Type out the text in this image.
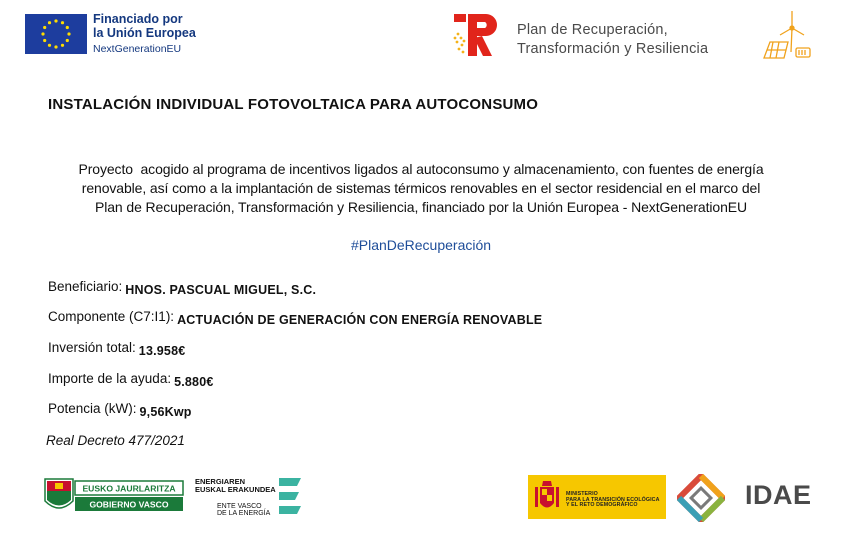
Financiado por
la Unión Europea
NextGenerationEU
Plan de Recuperación,
Transformación y Resiliencia
INSTALACIÓN INDIVIDUAL FOTOVOLTAICA PARA AUTOCONSUMO
Proyecto  acogido al programa de incentivos ligados al autoconsumo y almacenamiento, con fuentes de energía
renovable, así como a la implantación de sistemas térmicos renovables en el sector residencial en el marco del
Plan de Recuperación, Transformación y Resiliencia, financiado por la Unión Europea - NextGenerationEU
#PlanDeRecuperación
Beneficiario: HNOS. PASCUAL MIGUEL, S.C.
Componente (C7:I1): ACTUACIÓN DE GENERACIÓN CON ENERGÍA RENOVABLE
Inversión total: 13.958€
Importe de la ayuda: 5.880€
Potencia (kW): 9,56Kwp
Real Decreto 477/2021
EUSKO JAURLARITZA
GOBIERNO VASCO
ENERGIAREN
EUSKAL ERAKUNDEA
ENTE VASCO
DE LA ENERGÍA
MINISTERIO
PARA LA TRANSICIÓN ECOLÓGICA
Y EL RETO DEMOGRÁFICO	IDAE
